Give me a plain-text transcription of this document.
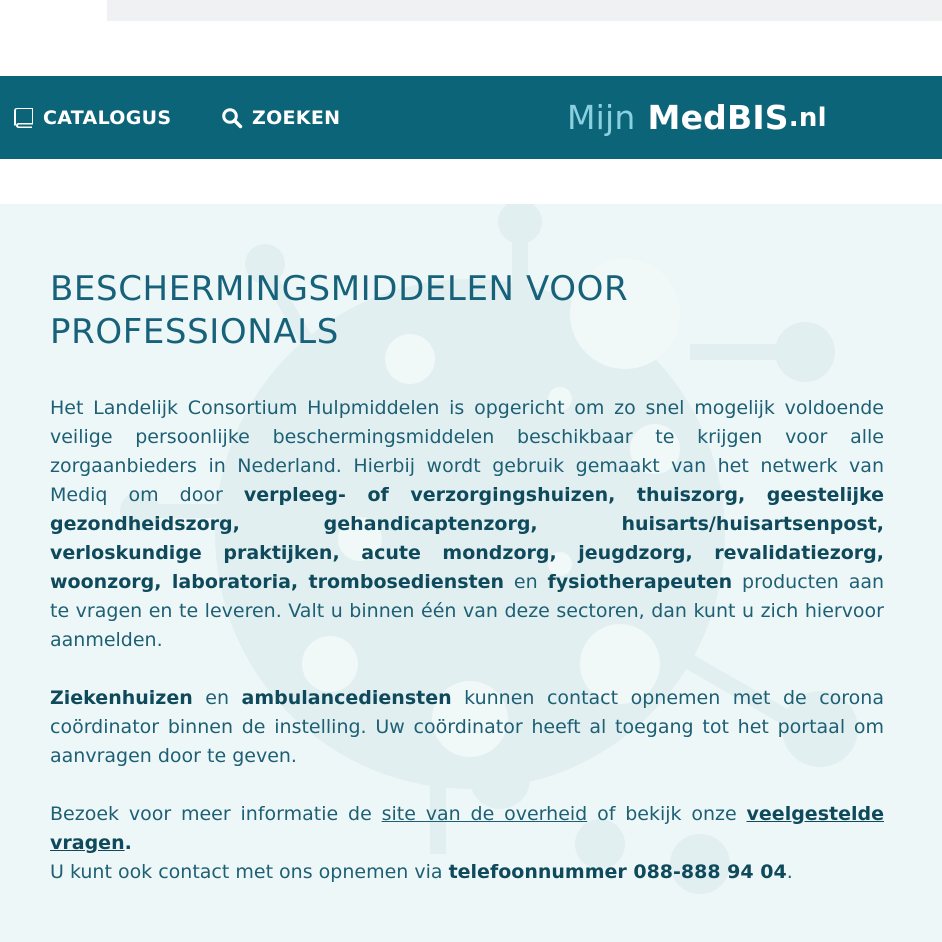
CATALOGUS	ZOEKEN	Mijn MedBIS .nl
BESCHERMINGSMIDDELEN VOOR PROFESSIONALS

Het Landelijk Consortium Hulpmiddelen is opgericht om zo snel mogelijk voldoende veilige persoonlijke beschermingsmiddelen beschikbaar te krijgen voor alle zorgaanbieders in Nederland. Hierbij wordt gebruik gemaakt van het netwerk van Mediq om door verpleeg- of verzorgingshuizen, thuiszorg, geestelijke gezondheidszorg, gehandicaptenzorg, huisarts/huisartsenpost, verloskundige praktijken, acute mondzorg, jeugdzorg, revalidatiezorg, woonzorg, laboratoria, trombosediensten en fysiotherapeuten producten aan te vragen en te leveren. Valt u binnen één van deze sectoren, dan kunt u zich hiervoor aanmelden.

Ziekenhuizen en ambulancediensten kunnen contact opnemen met de corona coördinator binnen de instelling. Uw coördinator heeft al toegang tot het portaal om aanvragen door te geven.

Bezoek voor meer informatie de site van de overheid of bekijk onze veelgestelde vragen.
U kunt ook contact met ons opnemen via telefoonnummer 088-888 94 04.
